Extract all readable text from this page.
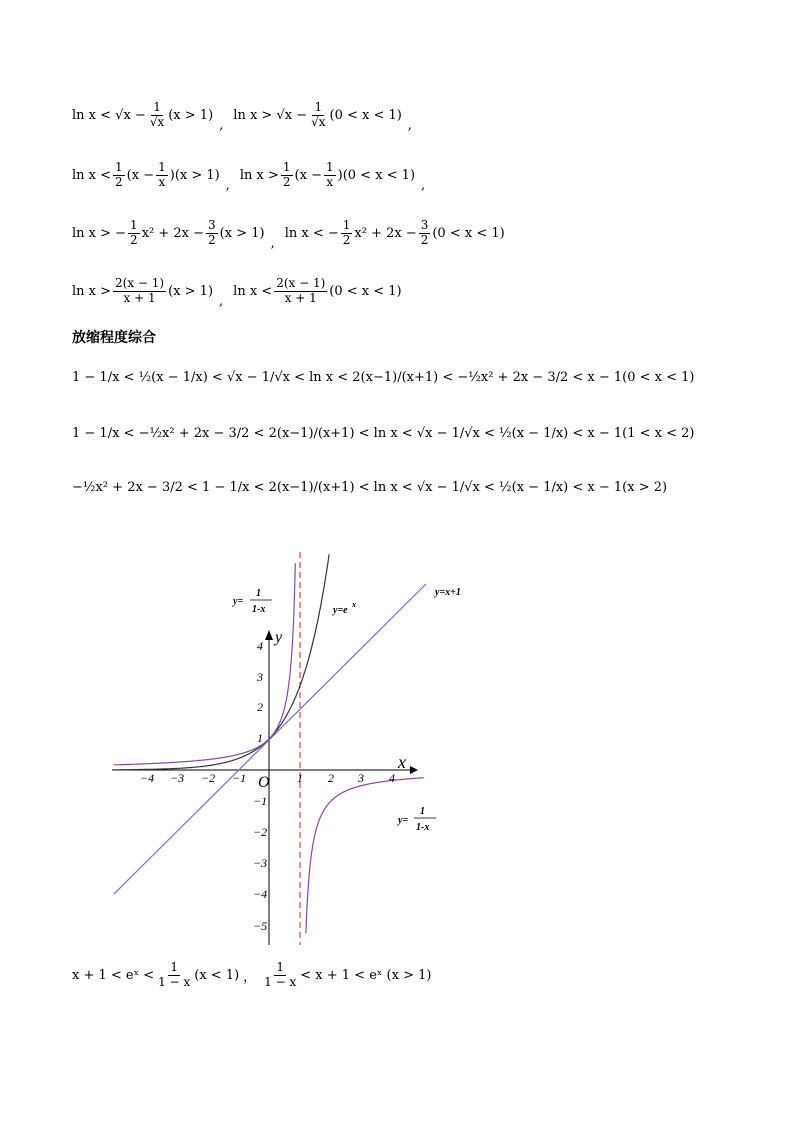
ln x <
$√x - \frac{1}{√x} (x > 1)$
,
ln x >
$√x - \frac{1}{√x} (0 < x < 1)$
,
ln x <
1
2 $(x - \frac{1}{x} )(x > 1)$
,
ln x >
1
2 $(x - \frac{1}{x} )(0 < x < 1)$
,
ln x > − $\frac{1}{2} x^2 + 2x - \frac{3}{2} (x > 1)$
,
ln x < − $\frac{1}{2} x^2 + 2x - \frac{3}{2} (0 < x < 1)$
ln x >
2(x − 1)
x + 1 (x > 1)
,
ln x <
2(x − 1)
x + 1 (0 < x < 1)
放缩程度综合
1 − 1/x < ½(x − 1/x) < √x − 1/√x < ln x < 2(x−1)/(x+1) < −½x² + 2x − 3/2 < x − 1(0 < x < 1)
1 − 1/x < −½x² + 2x − 3/2 < 2(x−1)/(x+1) < ln x < √x − 1/√x < ½(x − 1/x) < x − 1(1 < x < 2)
−½x² + 2x − 3/2 < 1 − 1/x < 2(x−1)/(x+1) < ln x < √x − 1/√x < ½(x − 1/x) < x − 1(x > 2)
−4 −3 −2 −1	1 2 3 4
4
3
2
1
−1
−2
−3
−4
−5
x
y
O
y=
1
1-x	y=e
x
y=x+1
y=
1
1-x
x + 1 < eˣ <
1
1 − x (x < 1) ，
1
1 − x < x + 1 < eˣ (x > 1)
